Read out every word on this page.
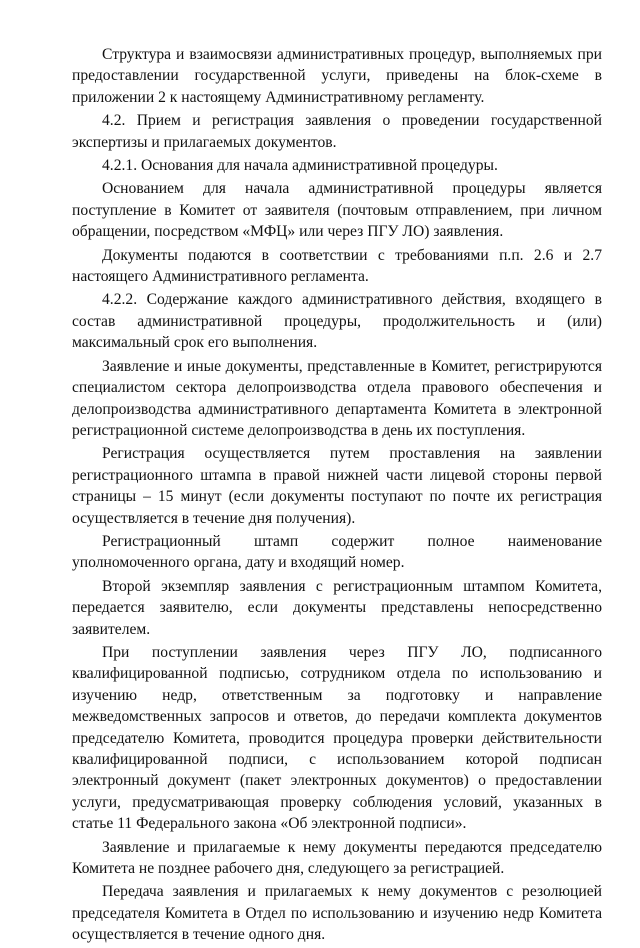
Структура и взаимосвязи административных процедур, выполняемых при предоставлении государственной услуги, приведены на блок-схеме в приложении 2 к настоящему Административному регламенту.

4.2. Прием и регистрация заявления о проведении государственной экспертизы и прилагаемых документов.

4.2.1. Основания для начала административной процедуры.

Основанием для начала административной процедуры является поступление в Комитет от заявителя (почтовым отправлением, при личном обращении, посредством «МФЦ» или через ПГУ ЛО) заявления.

Документы подаются в соответствии с требованиями п.п. 2.6 и 2.7 настоящего Административного регламента.

4.2.2. Содержание каждого административного действия, входящего в состав административной процедуры, продолжительность и (или) максимальный срок его выполнения.

Заявление и иные документы, представленные в Комитет, регистрируются специалистом сектора делопроизводства отдела правового обеспечения и делопроизводства административного департамента Комитета в электронной регистрационной системе делопроизводства в день их поступления.

Регистрация осуществляется путем проставления на заявлении регистрационного штампа в правой нижней части лицевой стороны первой страницы – 15 минут (если документы поступают по почте их регистрация осуществляется в течение дня получения).

Регистрационный штамп содержит полное наименование уполномоченного органа, дату и входящий номер.

Второй экземпляр заявления с регистрационным штампом Комитета, передается заявителю, если документы представлены непосредственно заявителем.

При поступлении заявления через ПГУ ЛО, подписанного квалифицированной подписью, сотрудником отдела по использованию и изучению недр, ответственным за подготовку и направление межведомственных запросов и ответов, до передачи комплекта документов председателю Комитета, проводится процедура проверки действительности квалифицированной подписи, с использованием которой подписан электронный документ (пакет электронных документов) о предоставлении услуги, предусматривающая проверку соблюдения условий, указанных в статье 11 Федерального закона «Об электронной подписи».

Заявление и прилагаемые к нему документы передаются председателю Комитета не позднее рабочего дня, следующего за регистрацией.

Передача заявления и прилагаемых к нему документов с резолюцией председателя Комитета в Отдел по использованию и изучению недр Комитета осуществляется в течение одного дня.
